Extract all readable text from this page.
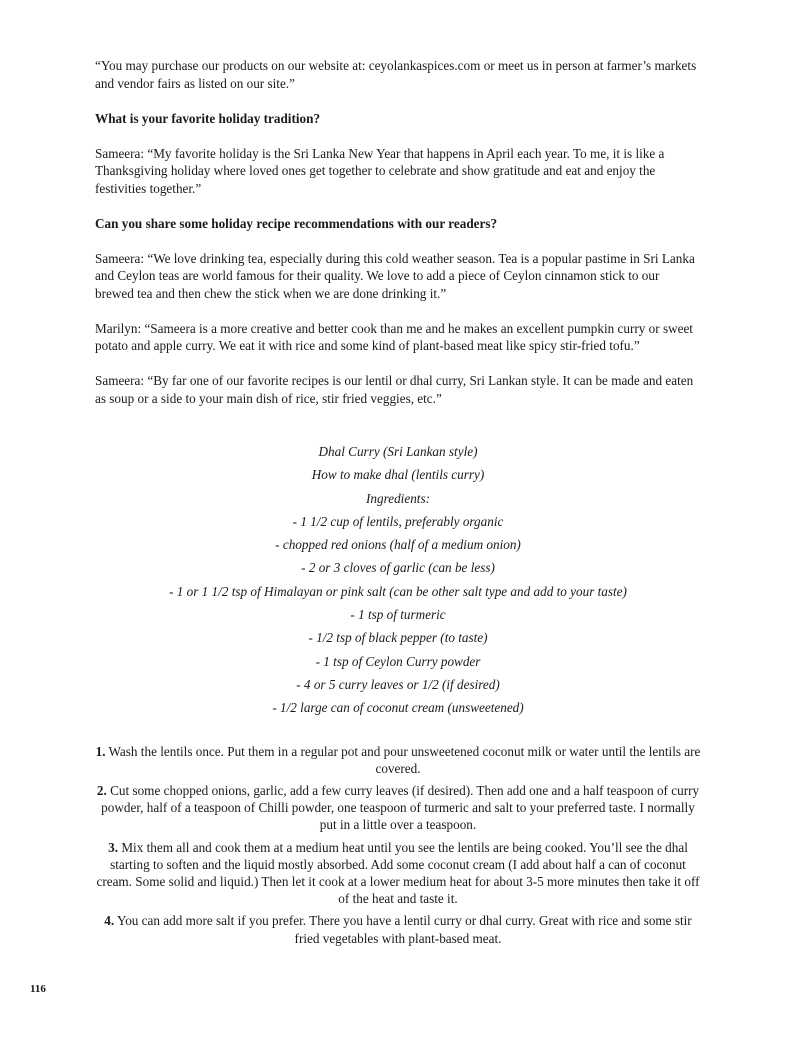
“You may purchase our products on our website at: ceyolankaspices.com or meet us in person at farmer’s markets and vendor fairs as listed on our site.”

What is your favorite holiday tradition?

Sameera: “My favorite holiday is the Sri Lanka New Year that happens in April each year. To me, it is like a Thanksgiving holiday where loved ones get together to celebrate and show gratitude and eat and enjoy the festivities together.”

Can you share some holiday recipe recommendations with our readers?

Sameera: “We love drinking tea, especially during this cold weather season. Tea is a popular pastime in Sri Lanka and Ceylon teas are world famous for their quality. We love to add a piece of Ceylon cinnamon stick to our brewed tea and then chew the stick when we are done drinking it.”

Marilyn: “Sameera is a more creative and better cook than me and he makes an excellent pumpkin curry or sweet potato and apple curry. We eat it with rice and some kind of plant-based meat like spicy stir-fried tofu.”

Sameera: “By far one of our favorite recipes is our lentil or dhal curry, Sri Lankan style. It can be made and eaten as soup or a side to your main dish of rice, stir fried veggies, etc.”

Dhal Curry (Sri Lankan style)

How to make dhal (lentils curry)

Ingredients:

- 1 1/2 cup of lentils, preferably organic

- chopped red onions (half of a medium onion)

- 2 or 3 cloves of garlic (can be less)

- 1 or 1 1/2 tsp of Himalayan or pink salt (can be other salt type and add to your taste)

- 1 tsp of turmeric

- 1/2 tsp of black pepper (to taste)

- 1 tsp of Ceylon Curry powder

- 4 or 5 curry leaves or 1/2 (if desired)

- 1/2 large can of coconut cream (unsweetened)

1. Wash the lentils once. Put them in a regular pot and pour unsweetened coconut milk or water until the lentils are covered.

2. Cut some chopped onions, garlic, add a few curry leaves (if desired). Then add one and a half teaspoon of curry powder, half of a teaspoon of Chilli powder, one teaspoon of turmeric and salt to your preferred taste. I normally put in a little over a teaspoon.

3. Mix them all and cook them at a medium heat until you see the lentils are being cooked. You’ll see the dhal starting to soften and the liquid mostly absorbed. Add some coconut cream (I add about half a can of coconut cream. Some solid and liquid.) Then let it cook at a lower medium heat for about 3-5 more minutes then take it off of the heat and taste it.

4. You can add more salt if you prefer. There you have a lentil curry or dhal curry. Great with rice and some stir fried vegetables with plant-based meat.

116
